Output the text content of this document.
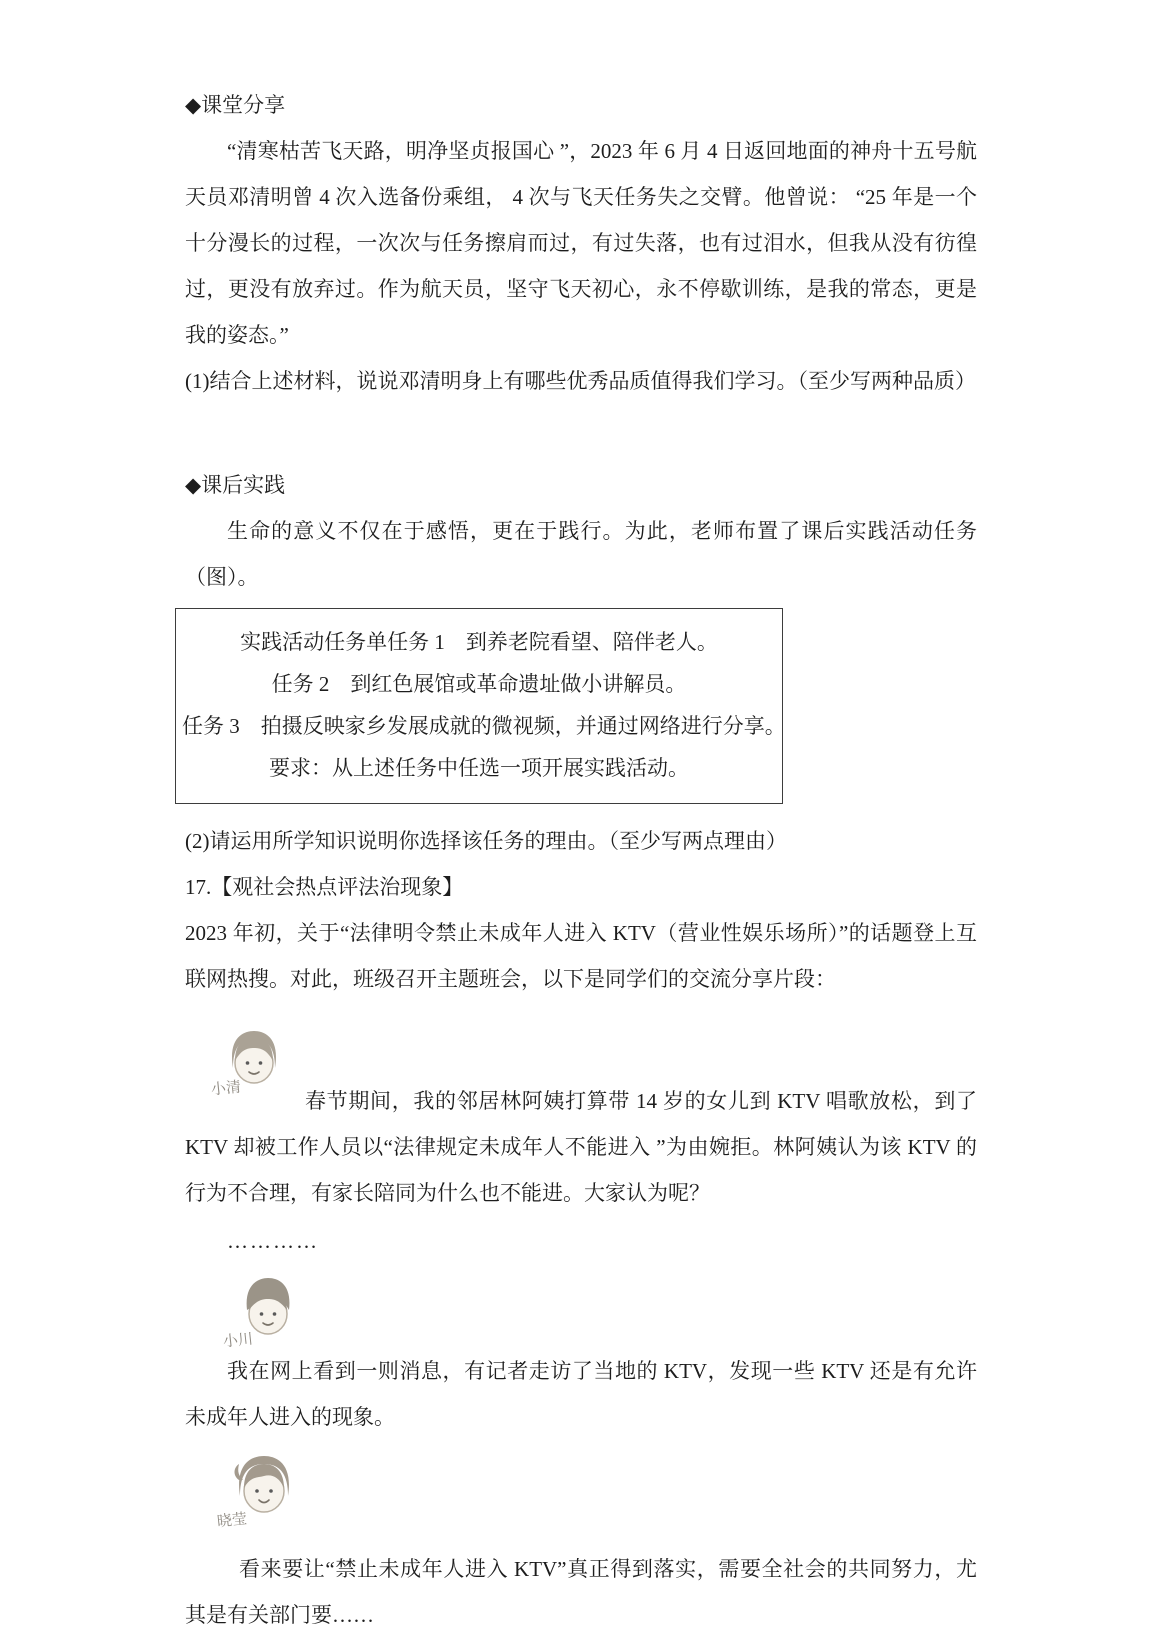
◆课堂分享

“清寒枯苦飞天路，明净坚贞报国心 ”，2023 年 6 月 4 日返回地面的神舟十五号航天员邓清明曾 4 次入选备份乘组， 4 次与飞天任务失之交臂。他曾说： “25 年是一个十分漫长的过程，一次次与任务擦肩而过，有过失落，也有过泪水，但我从没有彷徨过，更没有放弃过。作为航天员，坚守飞天初心，永不停歇训练，是我的常态，更是我的姿态。”

(1)结合上述材料，说说邓清明身上有哪些优秀品质值得我们学习。（至少写两种品质）

◆课后实践

生命的意义不仅在于感悟，更在于践行。为此，老师布置了课后实践活动任务（图）。

实践活动任务单任务 1　到养老院看望、陪伴老人。
任务 2　到红色展馆或革命遗址做小讲解员。
任务 3　拍摄反映家乡发展成就的微视频，并通过网络进行分享。
要求：从上述任务中任选一项开展实践活动。

(2)请运用所学知识说明你选择该任务的理由。（至少写两点理由）

17.【观社会热点评法治现象】

2023 年初，关于“法律明令禁止未成年人进入 KTV（营业性娱乐场所）”的话题登上互联网热搜。对此，班级召开主题班会，以下是同学们的交流分享片段：

小清

春节期间，我的邻居林阿姨打算带 14 岁的女儿到 KTV 唱歌放松，到了 KTV 却被工作人员以“法律规定未成年人不能进入 ”为由婉拒。林阿姨认为该 KTV 的行为不合理，有家长陪同为什么也不能进。大家认为呢？

…………

小川

我在网上看到一则消息，有记者走访了当地的 KTV，发现一些 KTV 还是有允许未成年人进入的现象。

晓莹

看来要让“禁止未成年人进入 KTV”真正得到落实，需要全社会的共同努力，尤其是有关部门要……
